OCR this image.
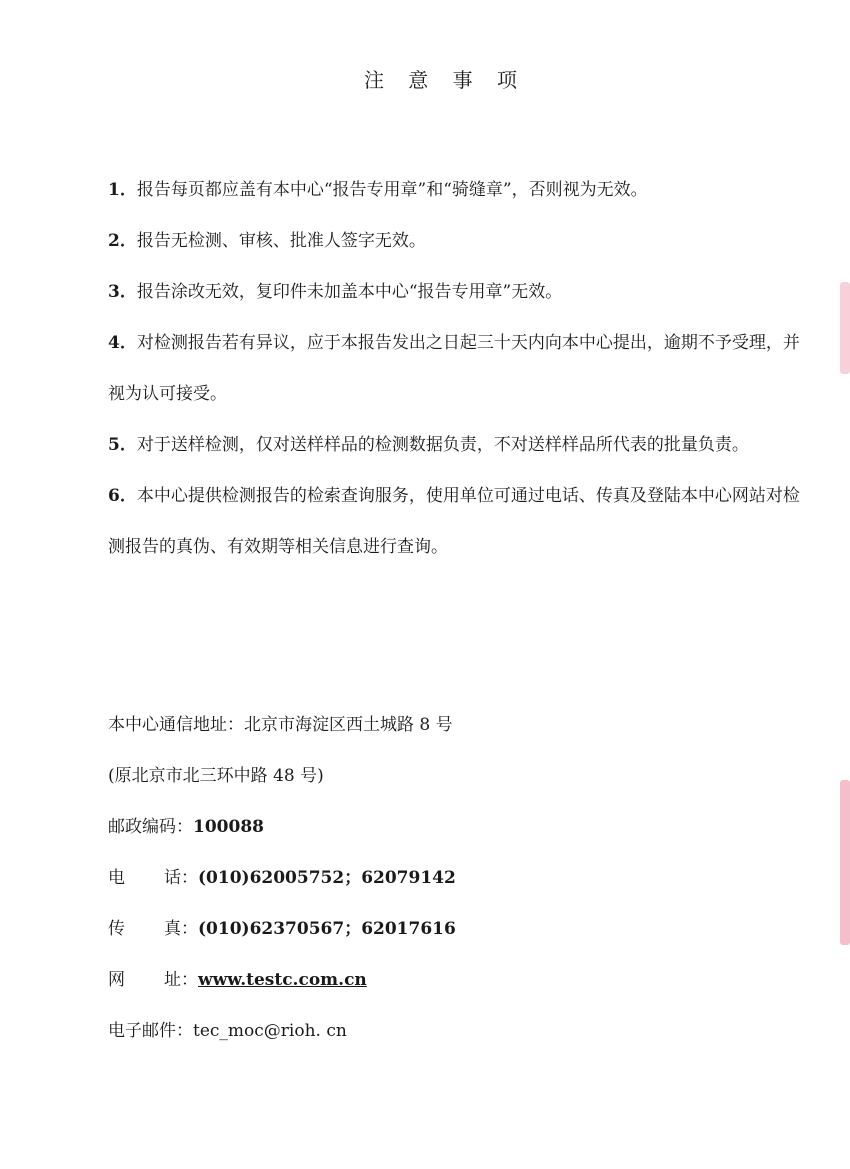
注 意 事 项
1．报告每页都应盖有本中心“报告专用章”和“骑缝章”，否则视为无效。
2．报告无检测、审核、批准人签字无效。
3．报告涂改无效，复印件未加盖本中心“报告专用章”无效。
4．对检测报告若有异议，应于本报告发出之日起三十天内向本中心提出，逾期不予受理，并视为认可接受。
5．对于送样检测，仅对送样样品的检测数据负责，不对送样样品所代表的批量负责。
6．本中心提供检测报告的检索查询服务，使用单位可通过电话、传真及登陆本中心网站对检测报告的真伪、有效期等相关信息进行查询。
本中心通信地址：北京市海淀区西土城路 8 号
(原北京市北三环中路 48 号)
邮政编码：100088
电 话：(010)62005752；62079142
传 真：(010)62370567；62017616
网 址：www.testc.com.cn
电子邮件：tec_moc@rioh. cn
